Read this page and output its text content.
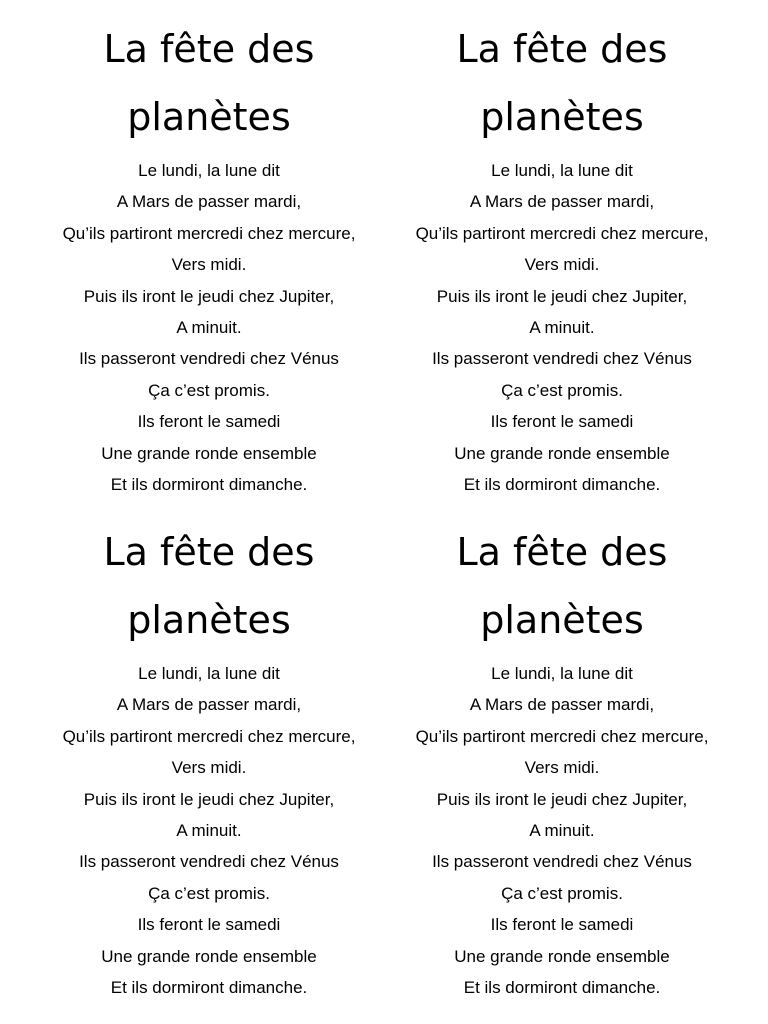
La fête des
planètes
Le lundi, la lune dit
A Mars de passer mardi,
Qu’ils partiront mercredi chez mercure,
Vers midi.
Puis ils iront le jeudi chez Jupiter,
A minuit.
Ils passeront vendredi chez Vénus
Ça c’est promis.
Ils feront le samedi
Une grande ronde ensemble
Et ils dormiront dimanche.
La fête des
planètes
Le lundi, la lune dit
A Mars de passer mardi,
Qu’ils partiront mercredi chez mercure,
Vers midi.
Puis ils iront le jeudi chez Jupiter,
A minuit.
Ils passeront vendredi chez Vénus
Ça c’est promis.
Ils feront le samedi
Une grande ronde ensemble
Et ils dormiront dimanche.
La fête des
planètes
Le lundi, la lune dit
A Mars de passer mardi,
Qu’ils partiront mercredi chez mercure,
Vers midi.
Puis ils iront le jeudi chez Jupiter,
A minuit.
Ils passeront vendredi chez Vénus
Ça c’est promis.
Ils feront le samedi
Une grande ronde ensemble
Et ils dormiront dimanche.
La fête des
planètes
Le lundi, la lune dit
A Mars de passer mardi,
Qu’ils partiront mercredi chez mercure,
Vers midi.
Puis ils iront le jeudi chez Jupiter,
A minuit.
Ils passeront vendredi chez Vénus
Ça c’est promis.
Ils feront le samedi
Une grande ronde ensemble
Et ils dormiront dimanche.
